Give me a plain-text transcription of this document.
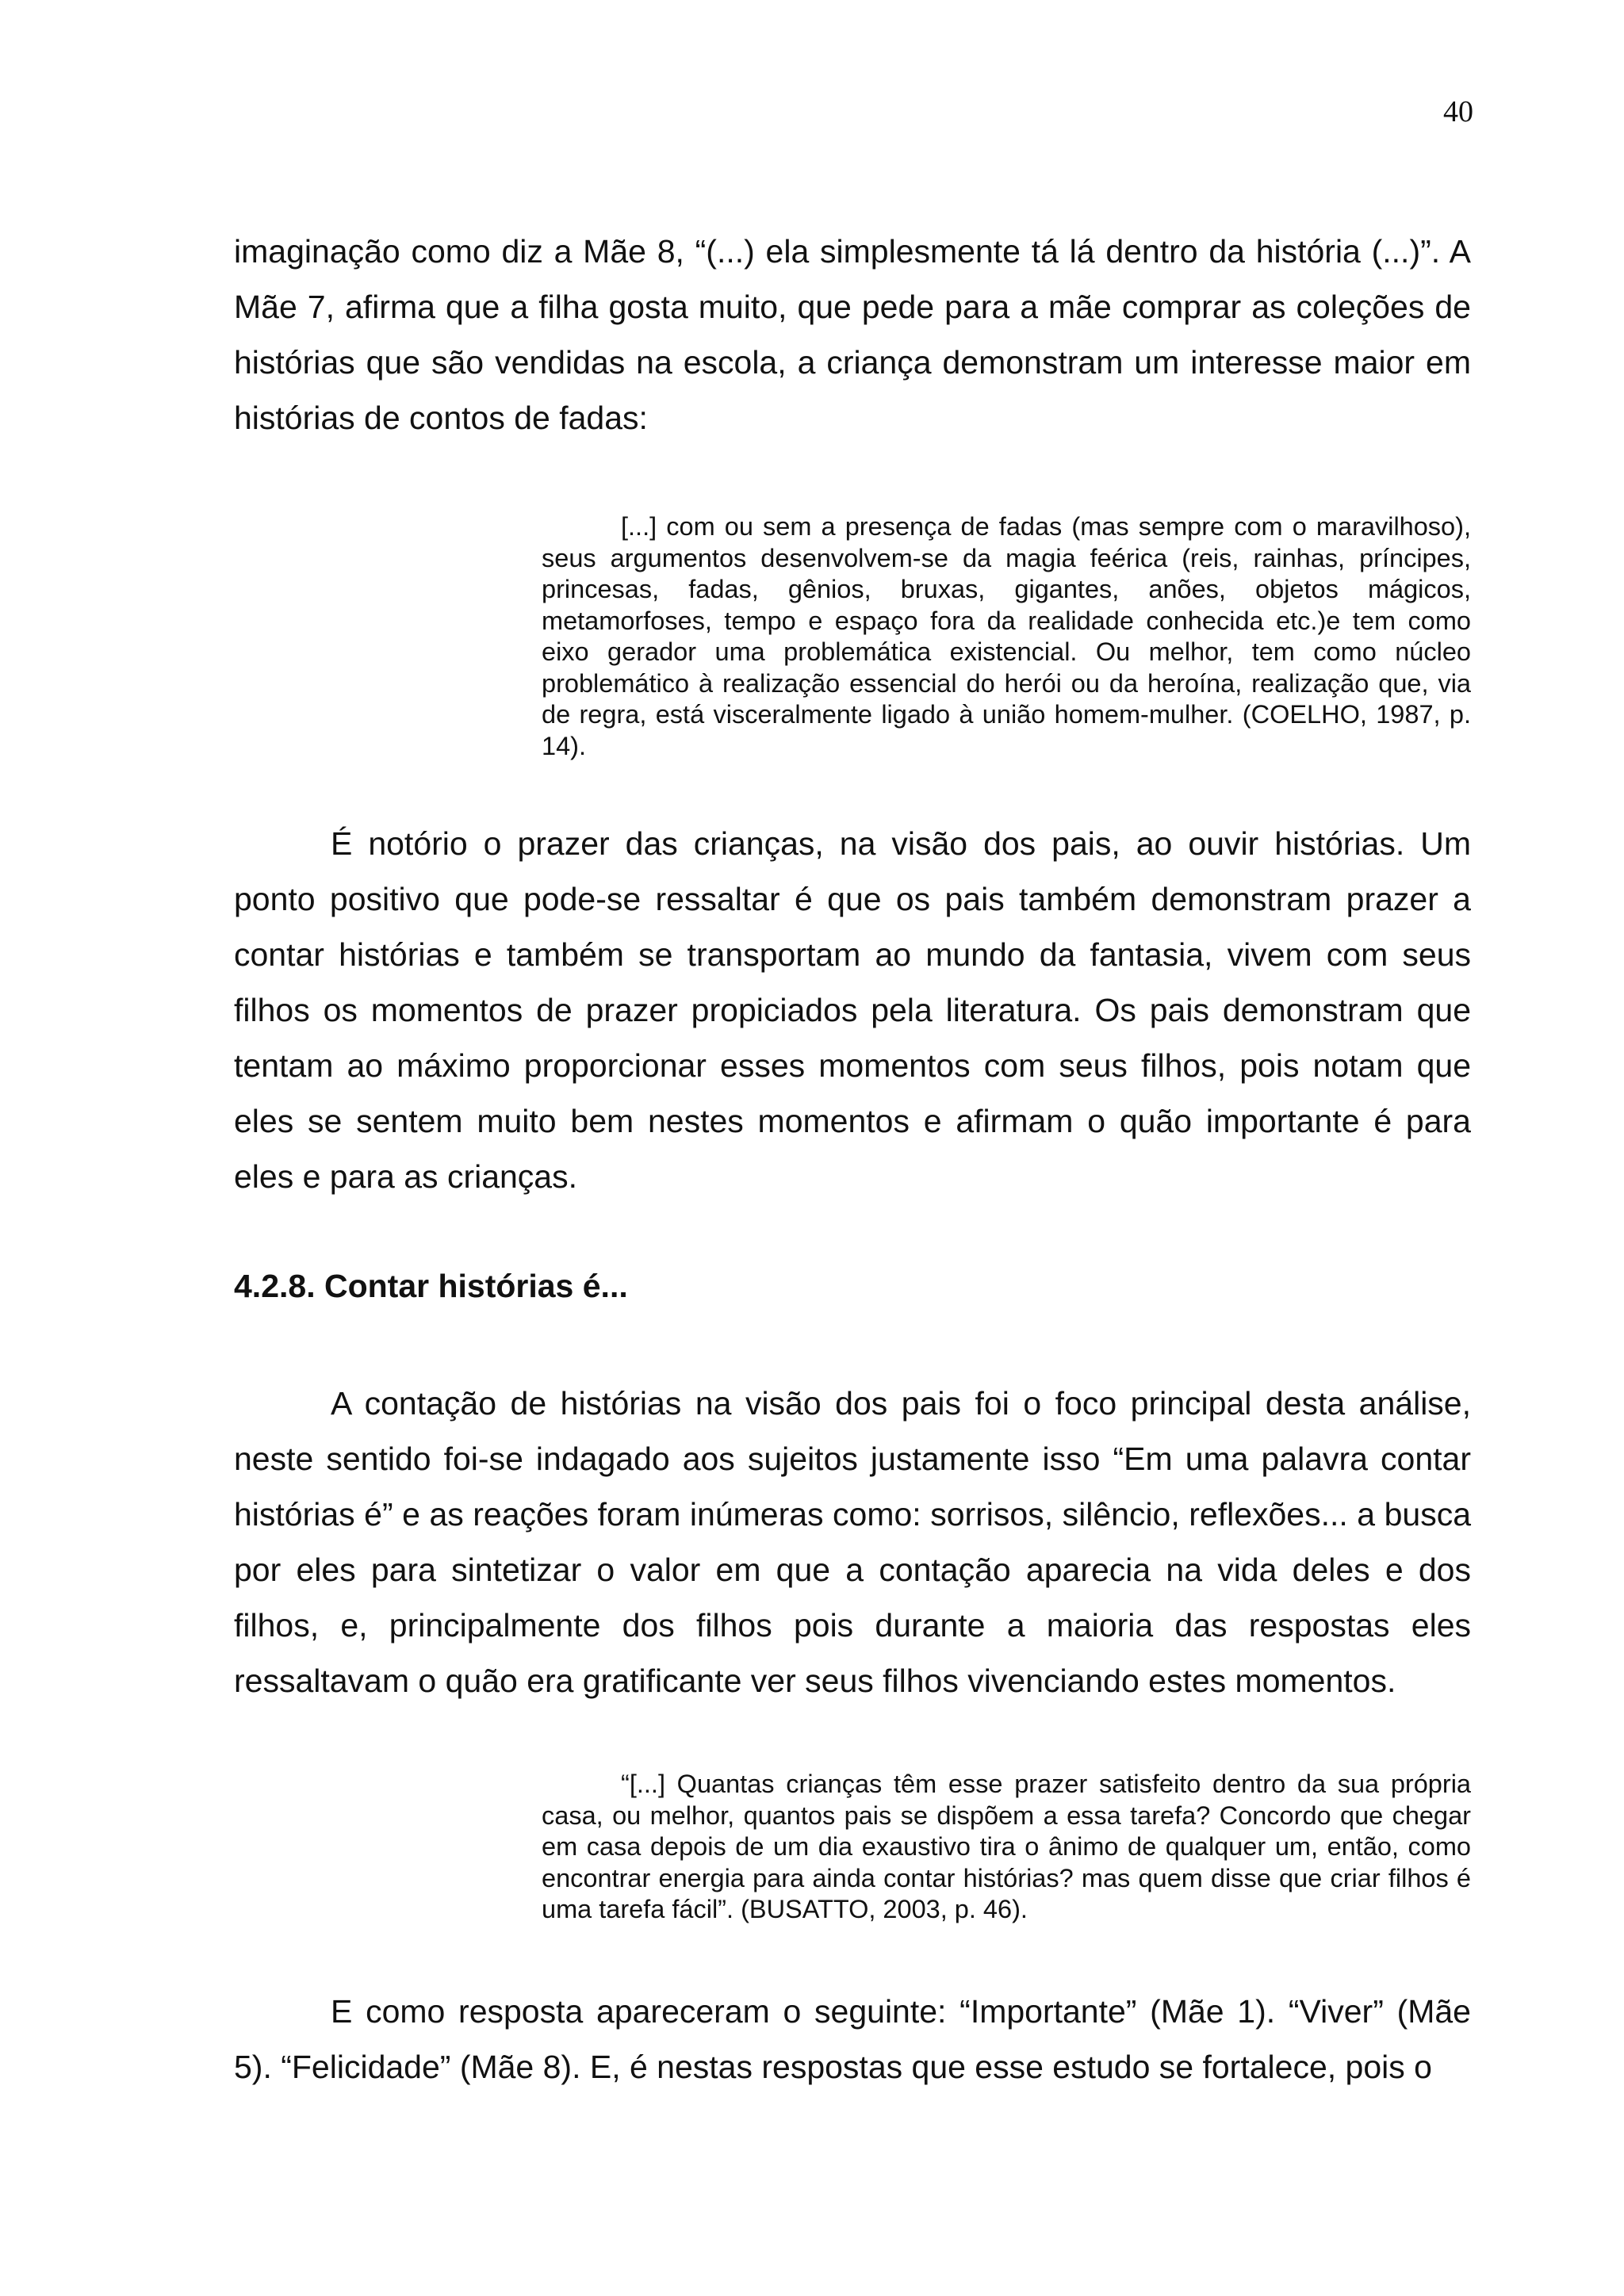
40

imaginação como diz a Mãe 8, “(...) ela simplesmente tá lá dentro da história (...)”. A Mãe 7, afirma que a filha gosta muito, que pede para a mãe comprar as coleções de histórias que são vendidas na escola, a criança demonstram um interesse maior em histórias de contos de fadas:

[...] com ou sem a presença de fadas (mas sempre com o maravilhoso), seus argumentos desenvolvem-se da magia feérica (reis, rainhas, príncipes, princesas, fadas, gênios, bruxas, gigantes, anões, objetos mágicos, metamorfoses, tempo e espaço fora da realidade conhecida etc.)e tem como eixo gerador uma problemática existencial. Ou melhor, tem como núcleo problemático à realização essencial do herói ou da heroína, realização que, via de regra, está visceralmente ligado à união homem-mulher. (COELHO, 1987, p. 14).

É notório o prazer das crianças, na visão dos pais, ao ouvir histórias. Um ponto positivo que pode-se ressaltar é que os pais também demonstram prazer a contar histórias e também se transportam ao mundo da fantasia, vivem com seus filhos os momentos de prazer propiciados pela literatura. Os pais demonstram que tentam ao máximo proporcionar esses momentos com seus filhos, pois notam que eles se sentem muito bem nestes momentos e afirmam o quão importante é para eles e para as crianças.

4.2.8. Contar histórias é...

A contação de histórias na visão dos pais foi o foco principal desta análise, neste sentido foi-se indagado aos sujeitos justamente isso “Em uma palavra contar histórias é” e as reações foram inúmeras como: sorrisos, silêncio, reflexões... a busca por eles para sintetizar o valor em que a contação aparecia na vida deles e dos filhos, e, principalmente dos filhos pois durante a maioria das respostas eles ressaltavam o quão era gratificante ver seus filhos vivenciando estes momentos.

“[...] Quantas crianças têm esse prazer satisfeito dentro da sua própria casa, ou melhor, quantos pais se dispõem a essa tarefa? Concordo que chegar em casa depois de um dia exaustivo tira o ânimo de qualquer um, então, como encontrar energia para ainda contar histórias? mas quem disse que criar filhos é uma tarefa fácil”. (BUSATTO, 2003, p. 46).

E como resposta apareceram o seguinte: “Importante” (Mãe 1). “Viver” (Mãe 5). “Felicidade” (Mãe 8). E, é nestas respostas que esse estudo se fortalece, pois o
